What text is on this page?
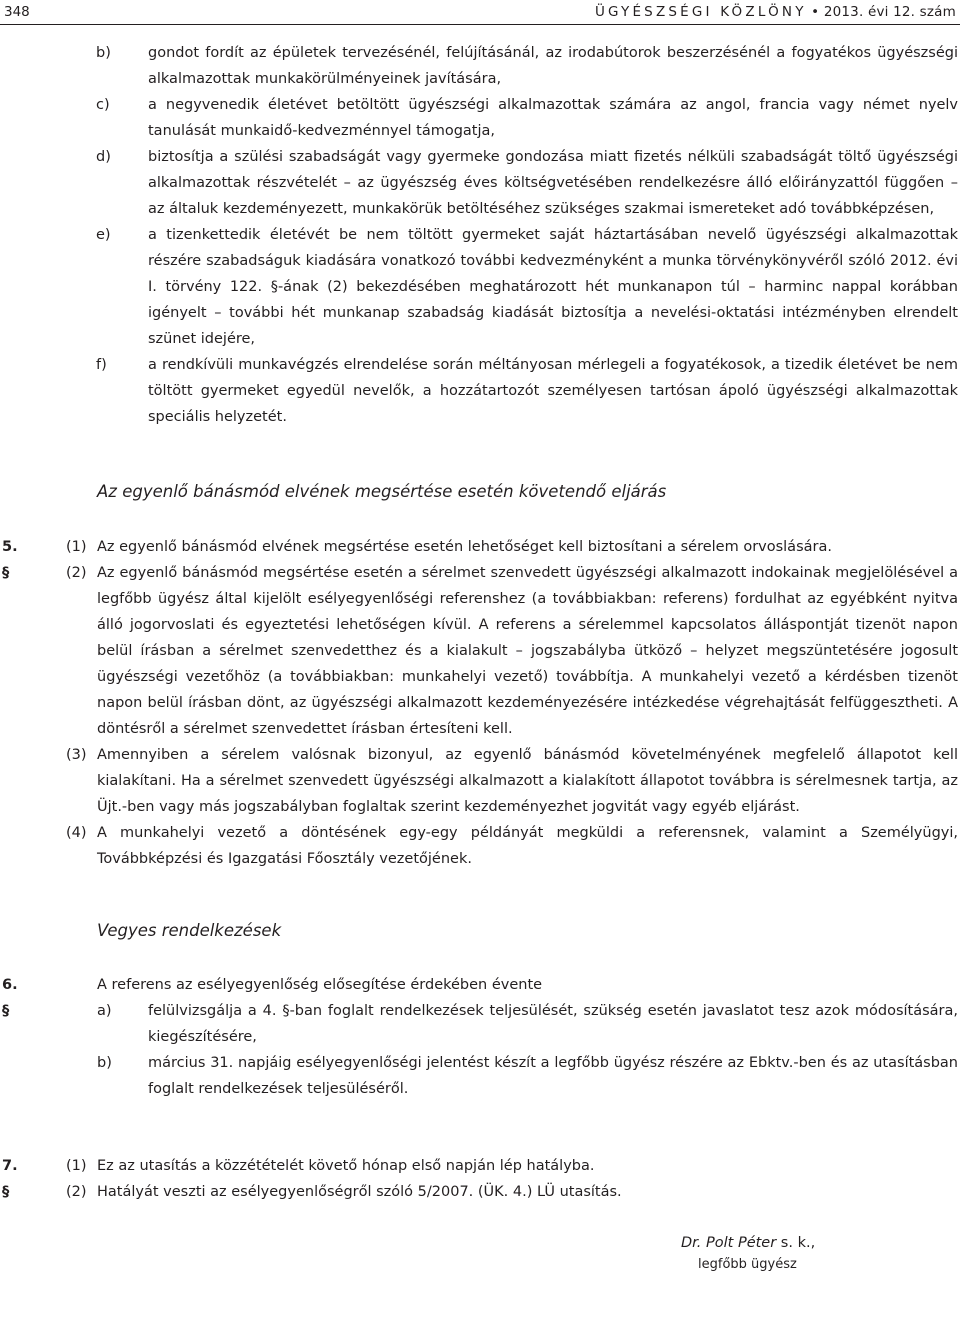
348	ÜGYÉSZSÉGI KÖZLÖNY • 2013. évi 12. szám
b)	gondot fordít az épületek tervezésénél, felújításánál, az irodabútorok beszerzésénél a fogyatékos ügyészségi alkalmazottak munkakörülményeinek javítására,
c)	a negyvenedik életévet betöltött ügyészségi alkalmazottak számára az angol, francia vagy német nyelv tanulását munkaidő-kedvezménnyel támogatja,
d)	biztosítja a szülési szabadságát vagy gyermeke gondozása miatt fizetés nélküli szabadságát töltő ügyészségi alkalmazottak részvételét – az ügyészség éves költségvetésében rendelkezésre álló előirányzattól függően – az általuk kezdeményezett, munkakörük betöltéséhez szükséges szakmai ismereteket adó továbbképzésen,
e)	a tizenkettedik életévét be nem töltött gyermeket saját háztartásában nevelő ügyészségi alkalmazottak részére szabadságuk kiadására vonatkozó további kedvezményként a munka törvénykönyvéről szóló 2012. évi I. törvény 122. §-ának (2) bekezdésében meghatározott hét munkanapon túl – harminc nappal korábban igényelt – további hét munkanap szabadság kiadását biztosítja a nevelési-oktatási intézményben elrendelt szünet idejére,
f)	a rendkívüli munkavégzés elrendelése során méltányosan mérlegeli a fogyatékosok, a tizedik életévet be nem töltött gyermeket egyedül nevelők, a hozzátartozót személyesen tartósan ápoló ügyészségi alkalmazottak speciális helyzetét.
Az egyenlő bánásmód elvének megsértése esetén követendő eljárás
5. §
(1) Az egyenlő bánásmód elvének megsértése esetén lehetőséget kell biztosítani a sérelem orvoslására.
(2) Az egyenlő bánásmód megsértése esetén a sérelmet szenvedett ügyészségi alkalmazott indokainak megjelölésével a legfőbb ügyész által kijelölt esélyegyenlőségi referenshez (a továbbiakban: referens) fordulhat az egyébként nyitva álló jogorvoslati és egyeztetési lehetőségen kívül. A referens a sérelemmel kapcsolatos álláspontját tizenöt napon belül írásban a sérelmet szenvedetthez és a kialakult – jogszabályba ütköző – helyzet megszüntetésére jogosult ügyészségi vezetőhöz (a továbbiakban: munkahelyi vezető) továbbítja. A munkahelyi vezető a kérdésben tizenöt napon belül írásban dönt, az ügyészségi alkalmazott kezdeményezésére intézkedése végrehajtását felfüggesztheti. A döntésről a sérelmet szenvedettet írásban értesíteni kell.
(3) Amennyiben a sérelem valósnak bizonyul, az egyenlő bánásmód követelményének megfelelő állapotot kell kialakítani. Ha a sérelmet szenvedett ügyészségi alkalmazott a kialakított állapotot továbbra is sérelmesnek tartja, az Üjt.-ben vagy más jogszabályban foglaltak szerint kezdeményezhet jogvitát vagy egyéb eljárást.
(4) A munkahelyi vezető a döntésének egy-egy példányát megküldi a referensnek, valamint a Személyügyi, Továbbképzési és Igazgatási Főosztály vezetőjének.
Vegyes rendelkezések
6. §
A referens az esélyegyenlőség elősegítése érdekében évente
a)	felülvizsgálja a 4. §-ban foglalt rendelkezések teljesülését, szükség esetén javaslatot tesz azok módosítására, kiegészítésére,
b) március 31. napjáig esélyegyenlőségi jelentést készít a legfőbb ügyész részére az Ebktv.-ben és az utasításban foglalt rendelkezések teljesüléséről.
7. §
(1) Ez az utasítás a közzétételét követő hónap első napján lép hatályba.
(2) Hatályát veszti az esélyegyenlőségről szóló 5/2007. (ÜK. 4.) LÜ utasítás.
Dr. Polt Péter s. k.,
legfőbb ügyész
